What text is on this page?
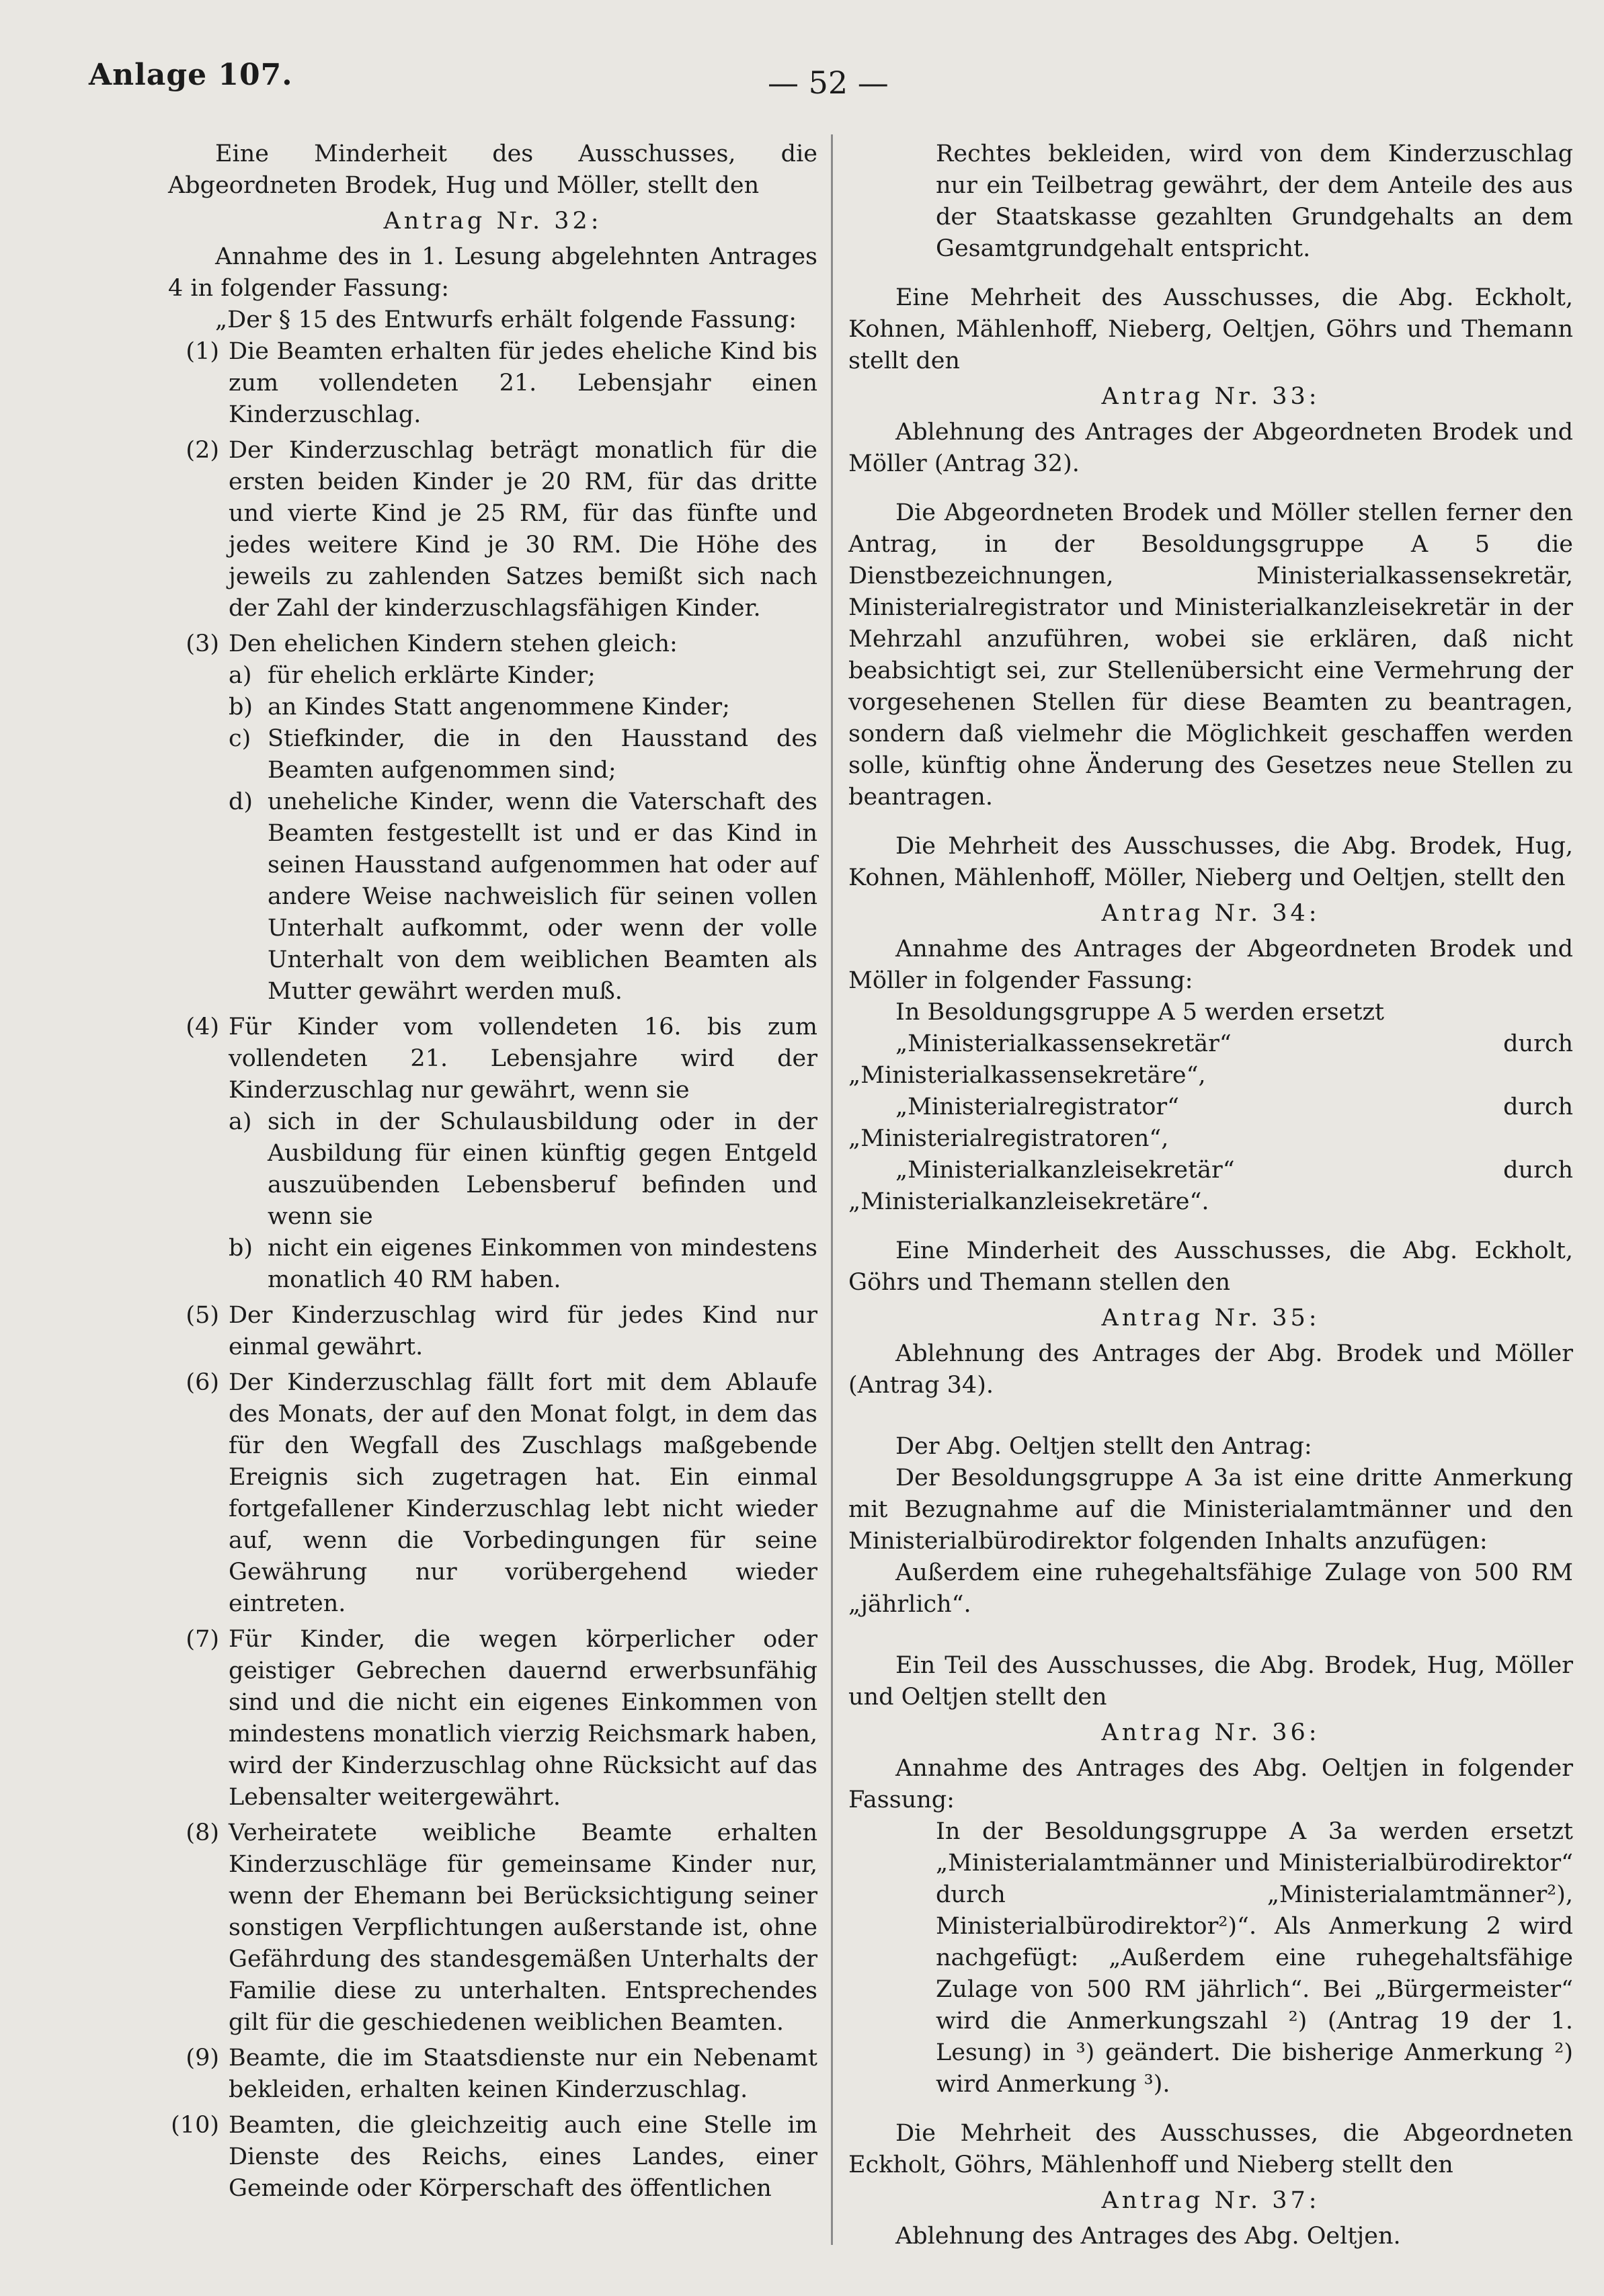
Anlage 107.	— 52 —

Eine Minderheit des Ausschusses, die Abgeordneten Brodek, Hug und Möller, stellt den

Antrag Nr. 32:

Annahme des in 1. Lesung abgelehnten Antrages 4 in folgender Fassung:

„Der § 15 des Entwurfs erhält folgende Fassung:

(1) Die Beamten erhalten für jedes eheliche Kind bis zum vollendeten 21. Lebensjahr einen Kinderzuschlag.

(2) Der Kinderzuschlag beträgt monatlich für die ersten beiden Kinder je 20 RM, für das dritte und vierte Kind je 25 RM, für das fünfte und jedes weitere Kind je 30 RM. Die Höhe des jeweils zu zahlenden Satzes bemißt sich nach der Zahl der kinderzuschlagsfähigen Kinder.

(3) Den ehelichen Kindern stehen gleich:

a) für ehelich erklärte Kinder;

b) an Kindes Statt angenommene Kinder;

c) Stiefkinder, die in den Hausstand des Beamten aufgenommen sind;

d) uneheliche Kinder, wenn die Vaterschaft des Beamten festgestellt ist und er das Kind in seinen Hausstand aufgenommen hat oder auf andere Weise nachweislich für seinen vollen Unterhalt aufkommt, oder wenn der volle Unterhalt von dem weiblichen Beamten als Mutter gewährt werden muß.

(4) Für Kinder vom vollendeten 16. bis zum vollendeten 21. Lebensjahre wird der Kinderzuschlag nur gewährt, wenn sie

a) sich in der Schulausbildung oder in der Ausbildung für einen künftig gegen Entgeld auszuübenden Lebensberuf befinden und wenn sie

b) nicht ein eigenes Einkommen von mindestens monatlich 40 RM haben.

(5) Der Kinderzuschlag wird für jedes Kind nur einmal gewährt.

(6) Der Kinderzuschlag fällt fort mit dem Ablaufe des Monats, der auf den Monat folgt, in dem das für den Wegfall des Zuschlags maßgebende Ereignis sich zugetragen hat. Ein einmal fortgefallener Kinderzuschlag lebt nicht wieder auf, wenn die Vorbedingungen für seine Gewährung nur vorübergehend wieder eintreten.

(7) Für Kinder, die wegen körperlicher oder geistiger Gebrechen dauernd erwerbsunfähig sind und die nicht ein eigenes Einkommen von mindestens monatlich vierzig Reichsmark haben, wird der Kinderzuschlag ohne Rücksicht auf das Lebensalter weitergewährt.

(8) Verheiratete weibliche Beamte erhalten Kinderzuschläge für gemeinsame Kinder nur, wenn der Ehemann bei Berücksichtigung seiner sonstigen Verpflichtungen außerstande ist, ohne Gefährdung des standesgemäßen Unterhalts der Familie diese zu unterhalten. Entsprechendes gilt für die geschiedenen weiblichen Beamten.

(9) Beamte, die im Staatsdienste nur ein Nebenamt bekleiden, erhalten keinen Kinderzuschlag.

(10) Beamten, die gleichzeitig auch eine Stelle im Dienste des Reichs, eines Landes, einer Gemeinde oder Körperschaft des öffentlichen

Rechtes bekleiden, wird von dem Kinderzuschlag nur ein Teilbetrag gewährt, der dem Anteile des aus der Staatskasse gezahlten Grundgehalts an dem Gesamtgrundgehalt entspricht.

Eine Mehrheit des Ausschusses, die Abg. Eckholt, Kohnen, Mählenhoff, Nieberg, Oeltjen, Göhrs und Themann stellt den

Antrag Nr. 33:

Ablehnung des Antrages der Abgeordneten Brodek und Möller (Antrag 32).

Die Abgeordneten Brodek und Möller stellen ferner den Antrag, in der Besoldungsgruppe A 5 die Dienstbezeichnungen, Ministerialkassensekretär, Ministerialregistrator und Ministerialkanzleisekretär in der Mehrzahl anzuführen, wobei sie erklären, daß nicht beabsichtigt sei, zur Stellenübersicht eine Vermehrung der vorgesehenen Stellen für diese Beamten zu beantragen, sondern daß vielmehr die Möglichkeit geschaffen werden solle, künftig ohne Änderung des Gesetzes neue Stellen zu beantragen.

Die Mehrheit des Ausschusses, die Abg. Brodek, Hug, Kohnen, Mählenhoff, Möller, Nieberg und Oeltjen, stellt den

Antrag Nr. 34:

Annahme des Antrages der Abgeordneten Brodek und Möller in folgender Fassung:

In Besoldungsgruppe A 5 werden ersetzt

„Ministerialkassensekretär“ durch „Ministerialkassensekretäre“,

„Ministerialregistrator“ durch „Ministerialregistratoren“,

„Ministerialkanzleisekretär“ durch „Ministerialkanzleisekretäre“.

Eine Minderheit des Ausschusses, die Abg. Eckholt, Göhrs und Themann stellen den

Antrag Nr. 35:

Ablehnung des Antrages der Abg. Brodek und Möller (Antrag 34).

Der Abg. Oeltjen stellt den Antrag:

Der Besoldungsgruppe A 3a ist eine dritte Anmerkung mit Bezugnahme auf die Ministerialamtmänner und den Ministerialbürodirektor folgenden Inhalts anzufügen:

Außerdem eine ruhegehaltsfähige Zulage von 500 RM „jährlich“.

Ein Teil des Ausschusses, die Abg. Brodek, Hug, Möller und Oeltjen stellt den

Antrag Nr. 36:

Annahme des Antrages des Abg. Oeltjen in folgender Fassung:

In der Besoldungsgruppe A 3a werden ersetzt „Ministerialamtmänner und Ministerialbürodirektor“ durch „Ministerialamtmänner²), Ministerialbürodirektor²)“. Als Anmerkung 2 wird nachgefügt: „Außerdem eine ruhegehaltsfähige Zulage von 500 RM jährlich“. Bei „Bürgermeister“ wird die Anmerkungszahl ²) (Antrag 19 der 1. Lesung) in ³) geändert. Die bisherige Anmerkung ²) wird Anmerkung ³).

Die Mehrheit des Ausschusses, die Abgeordneten Eckholt, Göhrs, Mählenhoff und Nieberg stellt den

Antrag Nr. 37:

Ablehnung des Antrages des Abg. Oeltjen.
